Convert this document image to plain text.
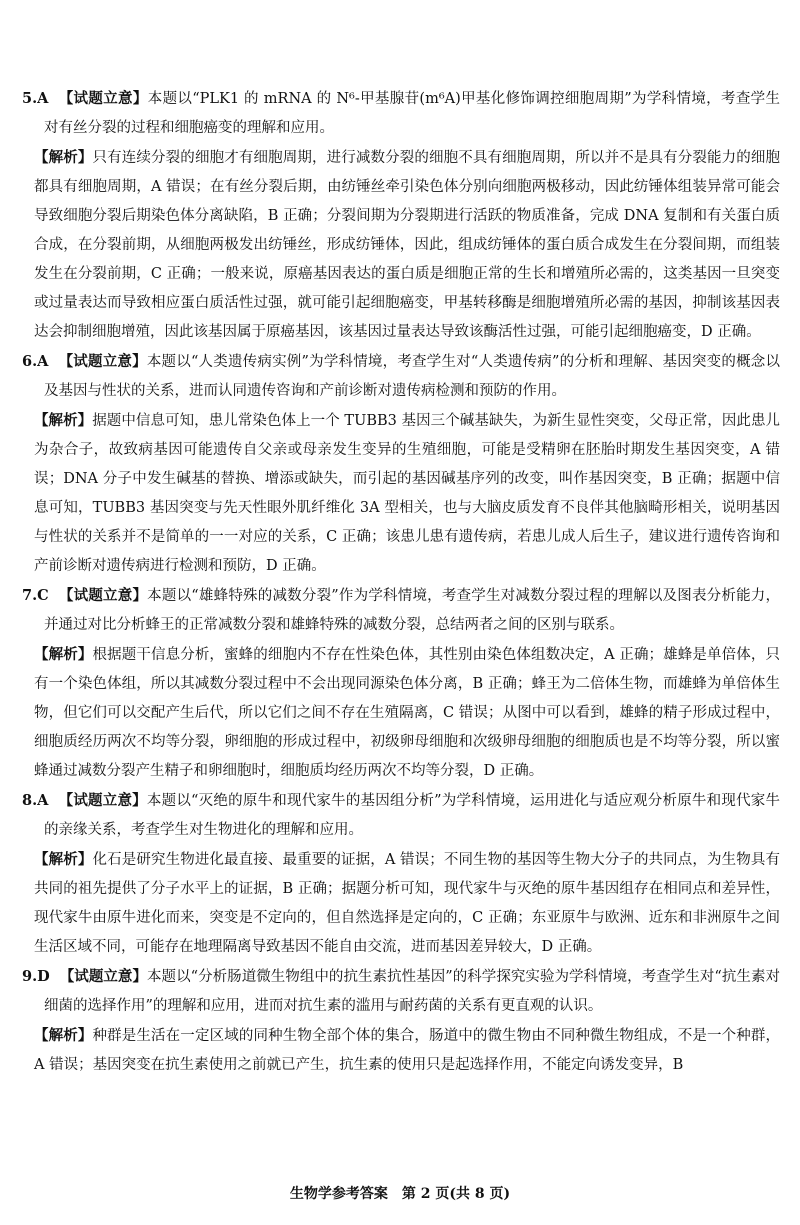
5.A 【试题立意】本题以“PLK1 的 mRNA 的 N⁶-甲基腺苷(m⁶A)甲基化修饰调控细胞周期”为学科情境，考查学生对有丝分裂的过程和细胞癌变的理解和应用。

【解析】只有连续分裂的细胞才有细胞周期，进行减数分裂的细胞不具有细胞周期，所以并不是具有分裂能力的细胞都具有细胞周期，A 错误；在有丝分裂后期，由纺锤丝牵引染色体分别向细胞两极移动，因此纺锤体组装异常可能会导致细胞分裂后期染色体分离缺陷，B 正确；分裂间期为分裂期进行活跃的物质准备，完成 DNA 复制和有关蛋白质合成，在分裂前期，从细胞两极发出纺锤丝，形成纺锤体，因此，组成纺锤体的蛋白质合成发生在分裂间期，而组装发生在分裂前期，C 正确；一般来说，原癌基因表达的蛋白质是细胞正常的生长和增殖所必需的，这类基因一旦突变或过量表达而导致相应蛋白质活性过强，就可能引起细胞癌变，甲基转移酶是细胞增殖所必需的基因，抑制该基因表达会抑制细胞增殖，因此该基因属于原癌基因，该基因过量表达导致该酶活性过强，可能引起细胞癌变，D 正确。

6.A 【试题立意】本题以“人类遗传病实例”为学科情境，考查学生对“人类遗传病”的分析和理解、基因突变的概念以及基因与性状的关系，进而认同遗传咨询和产前诊断对遗传病检测和预防的作用。

【解析】据题中信息可知，患儿常染色体上一个 TUBB3 基因三个碱基缺失，为新生显性突变，父母正常，因此患儿为杂合子，故致病基因可能遗传自父亲或母亲发生变异的生殖细胞，可能是受精卵在胚胎时期发生基因突变，A 错误；DNA 分子中发生碱基的替换、增添或缺失，而引起的基因碱基序列的改变，叫作基因突变，B 正确；据题中信息可知，TUBB3 基因突变与先天性眼外肌纤维化 3A 型相关，也与大脑皮质发育不良伴其他脑畸形相关，说明基因与性状的关系并不是简单的一一对应的关系，C 正确；该患儿患有遗传病，若患儿成人后生子，建议进行遗传咨询和产前诊断对遗传病进行检测和预防，D 正确。

7.C 【试题立意】本题以“雄蜂特殊的减数分裂”作为学科情境，考查学生对减数分裂过程的理解以及图表分析能力，并通过对比分析蜂王的正常减数分裂和雄蜂特殊的减数分裂，总结两者之间的区别与联系。

【解析】根据题干信息分析，蜜蜂的细胞内不存在性染色体，其性别由染色体组数决定，A 正确；雄蜂是单倍体，只有一个染色体组，所以其减数分裂过程中不会出现同源染色体分离，B 正确；蜂王为二倍体生物，而雄蜂为单倍体生物，但它们可以交配产生后代，所以它们之间不存在生殖隔离，C 错误；从图中可以看到，雄蜂的精子形成过程中，细胞质经历两次不均等分裂，卵细胞的形成过程中，初级卵母细胞和次级卵母细胞的细胞质也是不均等分裂，所以蜜蜂通过减数分裂产生精子和卵细胞时，细胞质均经历两次不均等分裂，D 正确。

8.A 【试题立意】本题以“灭绝的原牛和现代家牛的基因组分析”为学科情境，运用进化与适应观分析原牛和现代家牛的亲缘关系，考查学生对生物进化的理解和应用。

【解析】化石是研究生物进化最直接、最重要的证据，A 错误；不同生物的基因等生物大分子的共同点，为生物具有共同的祖先提供了分子水平上的证据，B 正确；据题分析可知，现代家牛与灭绝的原牛基因组存在相同点和差异性，现代家牛由原牛进化而来，突变是不定向的，但自然选择是定向的，C 正确；东亚原牛与欧洲、近东和非洲原牛之间生活区域不同，可能存在地理隔离导致基因不能自由交流，进而基因差异较大，D 正确。

9.D 【试题立意】本题以“分析肠道微生物组中的抗生素抗性基因”的科学探究实验为学科情境，考查学生对“抗生素对细菌的选择作用”的理解和应用，进而对抗生素的滥用与耐药菌的关系有更直观的认识。

【解析】种群是生活在一定区域的同种生物全部个体的集合，肠道中的微生物由不同种微生物组成，不是一个种群，A 错误；基因突变在抗生素使用之前就已产生，抗生素的使用只是起选择作用，不能定向诱发变异，B

生物学参考答案　第 2 页(共 8 页)
